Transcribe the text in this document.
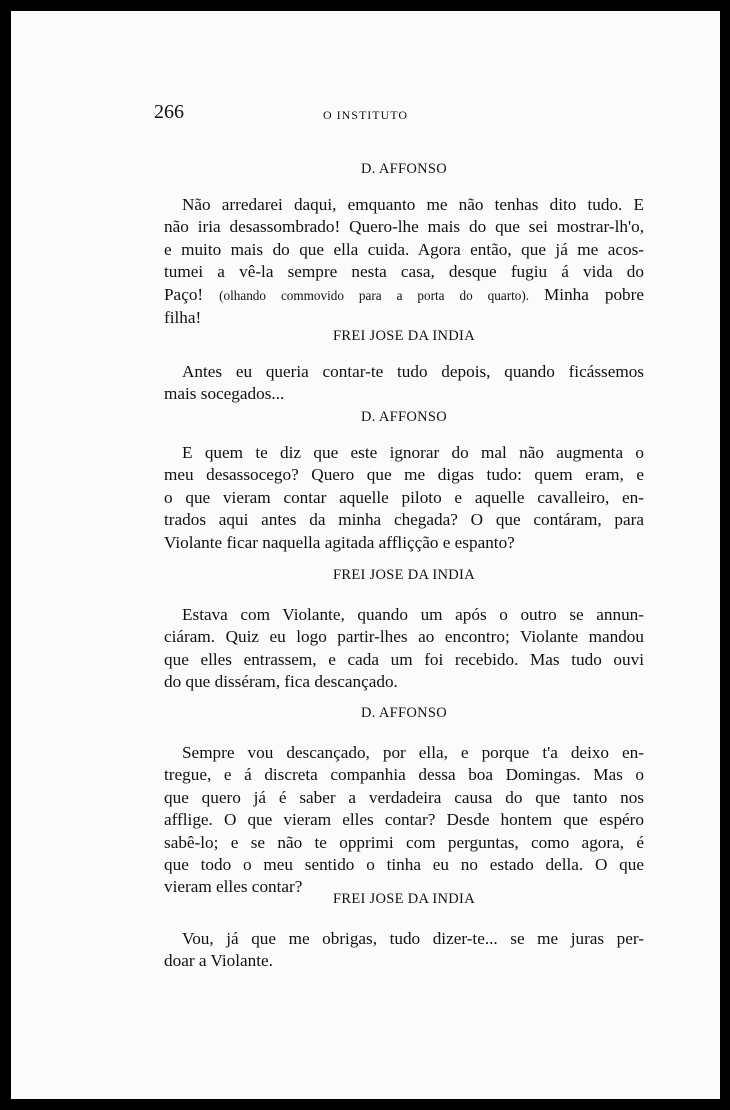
266	O INSTITUTO

D. AFFONSO

Não arredarei daqui, emquanto me não tenhas dito tudo. E
não iria desassombrado! Quero-lhe mais do que sei mostrar-lh'o,
e muito mais do que ella cuida. Agora então, que já me acos-
tumei a vê-la sempre nesta casa, desque fugiu á vida do
Paço! (olhando commovido para a porta do quarto). Minha pobre
filha!

FREI JOSE DA INDIA

Antes eu queria contar-te tudo depois, quando ficássemos
mais socegados...

D. AFFONSO

E quem te diz que este ignorar do mal não augmenta o
meu desassocego? Quero que me digas tudo: quem eram, e
o que vieram contar aquelle piloto e aquelle cavalleiro, en-
trados aqui antes da minha chegada? O que contáram, para
Violante ficar naquella agitada affliçção e espanto?

FREI JOSE DA INDIA

Estava com Violante, quando um após o outro se annun-
ciáram. Quiz eu logo partir-lhes ao encontro; Violante mandou
que elles entrassem, e cada um foi recebido. Mas tudo ouvi
do que disséram, fica descançado.

D. AFFONSO

Sempre vou descançado, por ella, e porque t'a deixo en-
tregue, e á discreta companhia dessa boa Domingas. Mas o
que quero já é saber a verdadeira causa do que tanto nos
afflige. O que vieram elles contar? Desde hontem que espéro
sabê-lo; e se não te opprimi com perguntas, como agora, é
que todo o meu sentido o tinha eu no estado della. O que
vieram elles contar?

FREI JOSE DA INDIA

Vou, já que me obrigas, tudo dizer-te... se me juras per-
doar a Violante.
